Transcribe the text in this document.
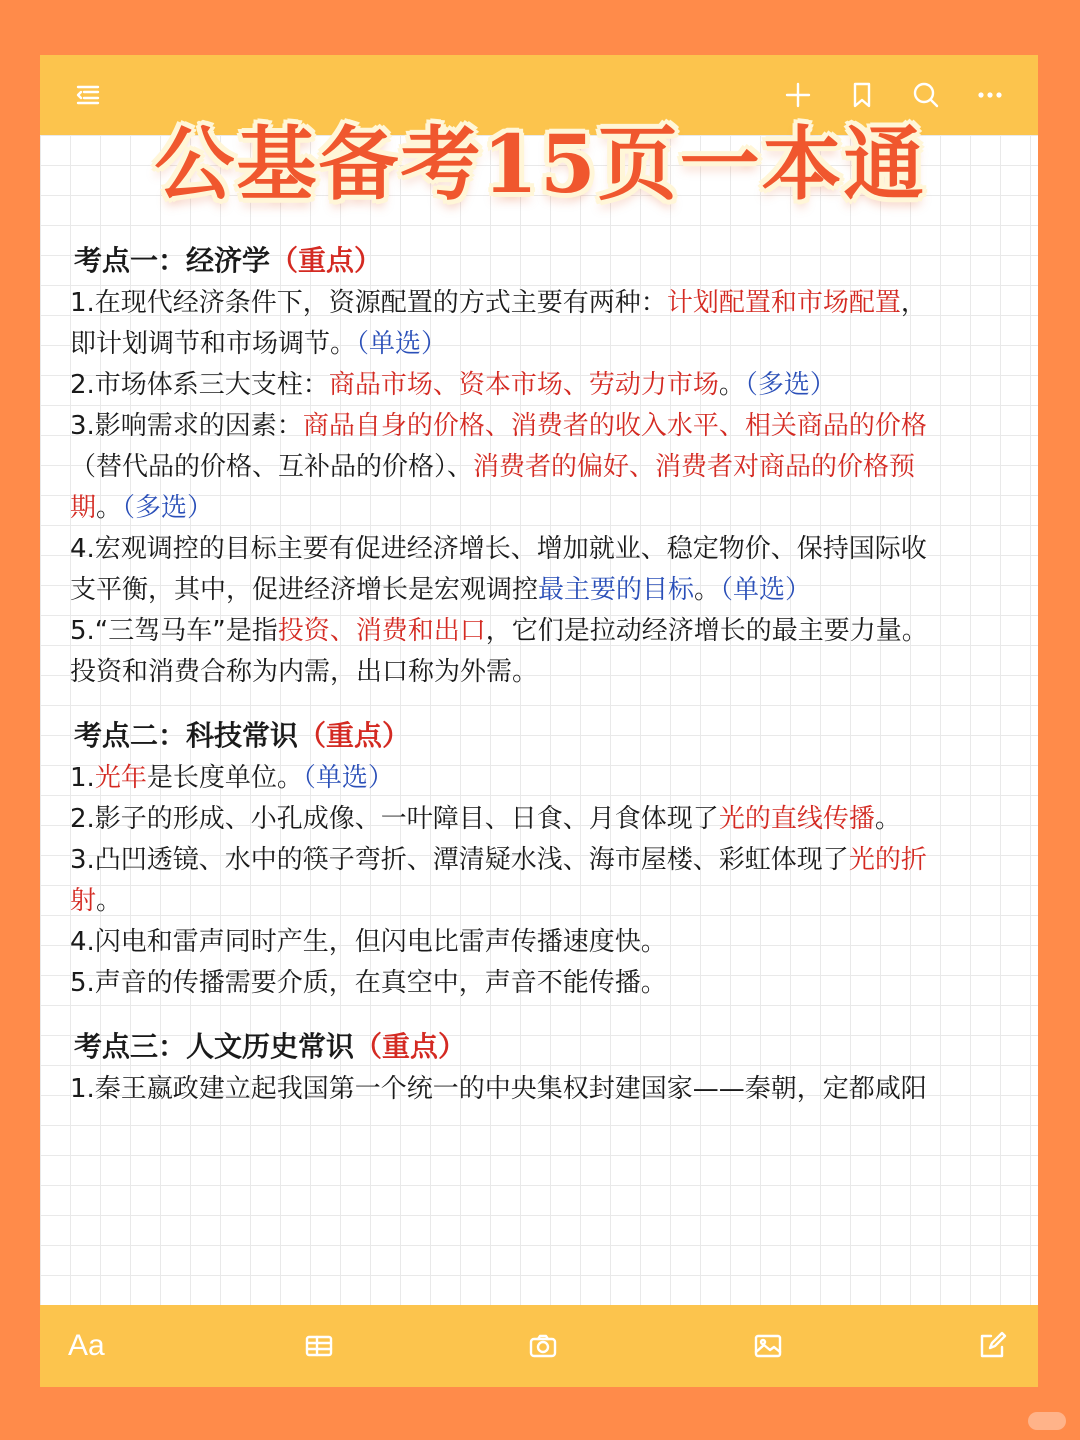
Aa
公基备考15页一本通
考点一：经济学（重点）
1.在现代经济条件下，资源配置的方式主要有两种：计划配置和市场配置，即计划调节和市场调节。（单选）
2.市场体系三大支柱：商品市场、资本市场、劳动力市场。（多选）
3.影响需求的因素：商品自身的价格、消费者的收入水平、相关商品的价格（替代品的价格、互补品的价格）、消费者的偏好、消费者对商品的价格预期。（多选）
4.宏观调控的目标主要有促进经济增长、增加就业、稳定物价、保持国际收支平衡，其中，促进经济增长是宏观调控最主要的目标。（单选）
5.“三驾马车”是指投资、消费和出口，它们是拉动经济增长的最主要力量。投资和消费合称为内需，出口称为外需。
考点二：科技常识（重点）
1.光年是长度单位。（单选）
2.影子的形成、小孔成像、一叶障目、日食、月食体现了光的直线传播。
3.凸凹透镜、水中的筷子弯折、潭清疑水浅、海市屋楼、彩虹体现了光的折射。
4.闪电和雷声同时产生，但闪电比雷声传播速度快。
5.声音的传播需要介质，在真空中，声音不能传播。
考点三：人文历史常识（重点）
1.秦王嬴政建立起我国第一个统一的中央集权封建国家——秦朝，定都咸阳
